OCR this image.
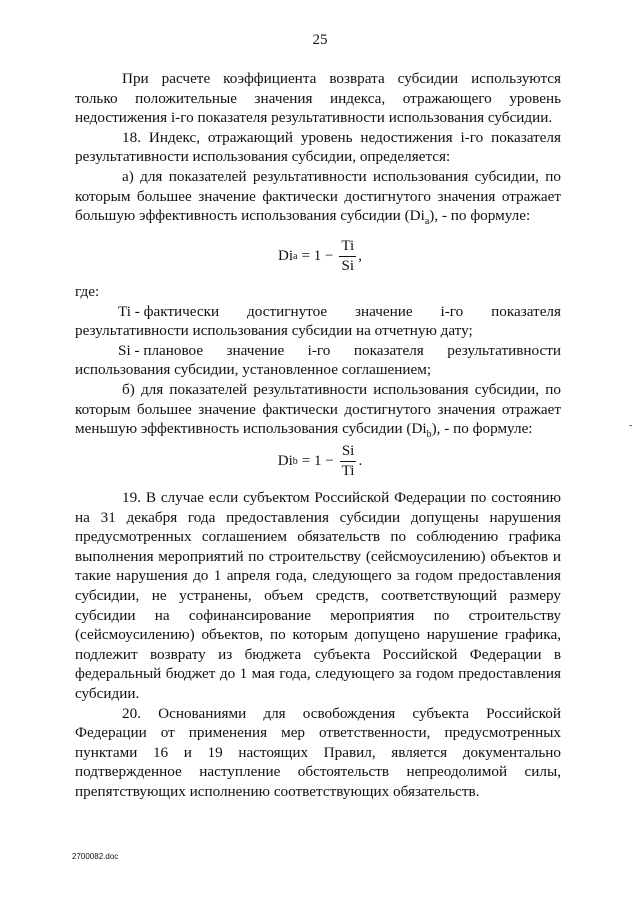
25

При расчете коэффициента возврата субсидии используются только положительные значения индекса, отражающего уровень недостижения i-го показателя результативности использования субсидии.

18. Индекс, отражающий уровень недостижения i-го показателя результативности использования субсидии, определяется:

а) для показателей результативности использования субсидии, по которым большее значение фактически достигнутого значения отражает большую эффективность использования субсидии $(Di_a)$, - по формуле:

Di $a = 1 - \frac{Ti}{Si}$ ,

где:

Ti - фактически достигнутое значение i-го показателя
результативности использования субсидии на отчетную дату;
Si - плановое значение i-го показателя результативности
использования субсидии, установленное соглашением;

б) для показателей результативности использования субсидии, по которым большее значение фактически достигнутого значения отражает меньшую эффективность использования субсидии $(Di_b)$, - по формуле:

Di $b = 1 - \frac{Si}{Ti}$ .

19. В случае если субъектом Российской Федерации по состоянию на 31 декабря года предоставления субсидии допущены нарушения предусмотренных соглашением обязательств по соблюдению графика выполнения мероприятий по строительству (сейсмоусилению) объектов и такие нарушения до 1 апреля года, следующего за годом предоставления субсидии, не устранены, объем средств, соответствующий размеру субсидии на софинансирование мероприятия по строительству (сейсмоусилению) объектов, по которым допущено нарушение графика, подлежит возврату из бюджета субъекта Российской Федерации в федеральный бюджет до 1 мая года, следующего за годом предоставления субсидии.

20. Основаниями для освобождения субъекта Российской Федерации от применения мер ответственности, предусмотренных пунктами 16 и 19 настоящих Правил, является документально подтвержденное наступление обстоятельств непреодолимой силы, препятствующих исполнению соответствующих обязательств.

-
2700082.doc
